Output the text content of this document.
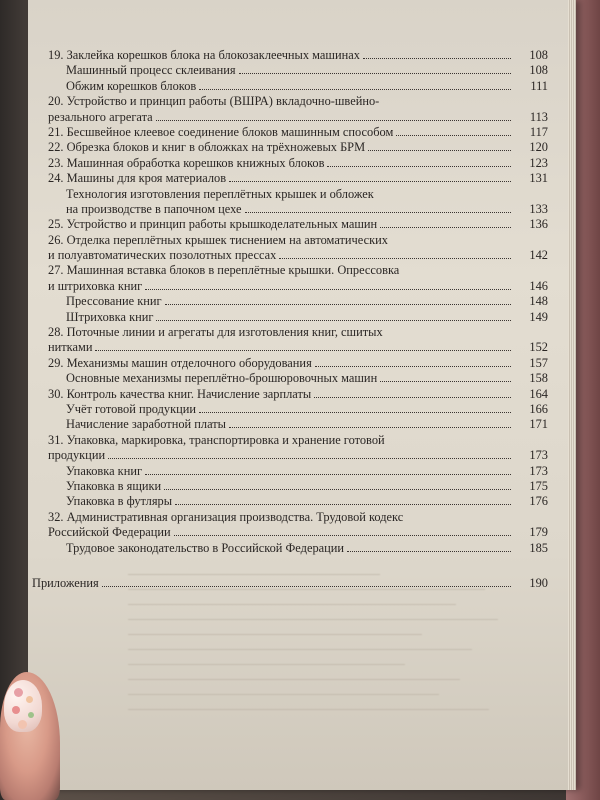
19. Заклейка корешков блока на блокозаклеечных машинах	108
Машинный процесс склеивания	108
Обжим корешков блоков	111
20. Устройство и принцип работы (ВШРА) вкладочно-швейно-
резального агрегата	113
21. Бесшвейное клеевое соединение блоков машинным способом	117
22. Обрезка блоков и книг в обложках на трёхножевых БРМ	120
23. Машинная обработка корешков книжных блоков	123
24. Машины для кроя материалов	131
Технология изготовления переплётных крышек и обложек
на производстве в папочном цехе	133
25. Устройство и принцип работы крышкоделательных машин	136
26. Отделка переплётных крышек тиснением на автоматических
и полуавтоматических позолотных прессах	142
27. Машинная вставка блоков в переплётные крышки. Опрессовка
и штриховка книг	146
Прессование книг	148
Штриховка книг	149
28. Поточные линии и агрегаты для изготовления книг, сшитых
нитками	152
29. Механизмы машин отделочного оборудования	157
Основные механизмы переплётно-брошюровочных машин	158
30. Контроль качества книг. Начисление зарплаты	164
Учёт готовой продукции	166
Начисление заработной платы	171
31. Упаковка, маркировка, транспортировка и хранение готовой
продукции	173
Упаковка книг	173
Упаковка в ящики	175
Упаковка в футляры	176
32. Административная организация производства. Трудовой кодекс
Российской Федерации	179
Трудовое законодательство в Российской Федерации	185
Приложения	190
